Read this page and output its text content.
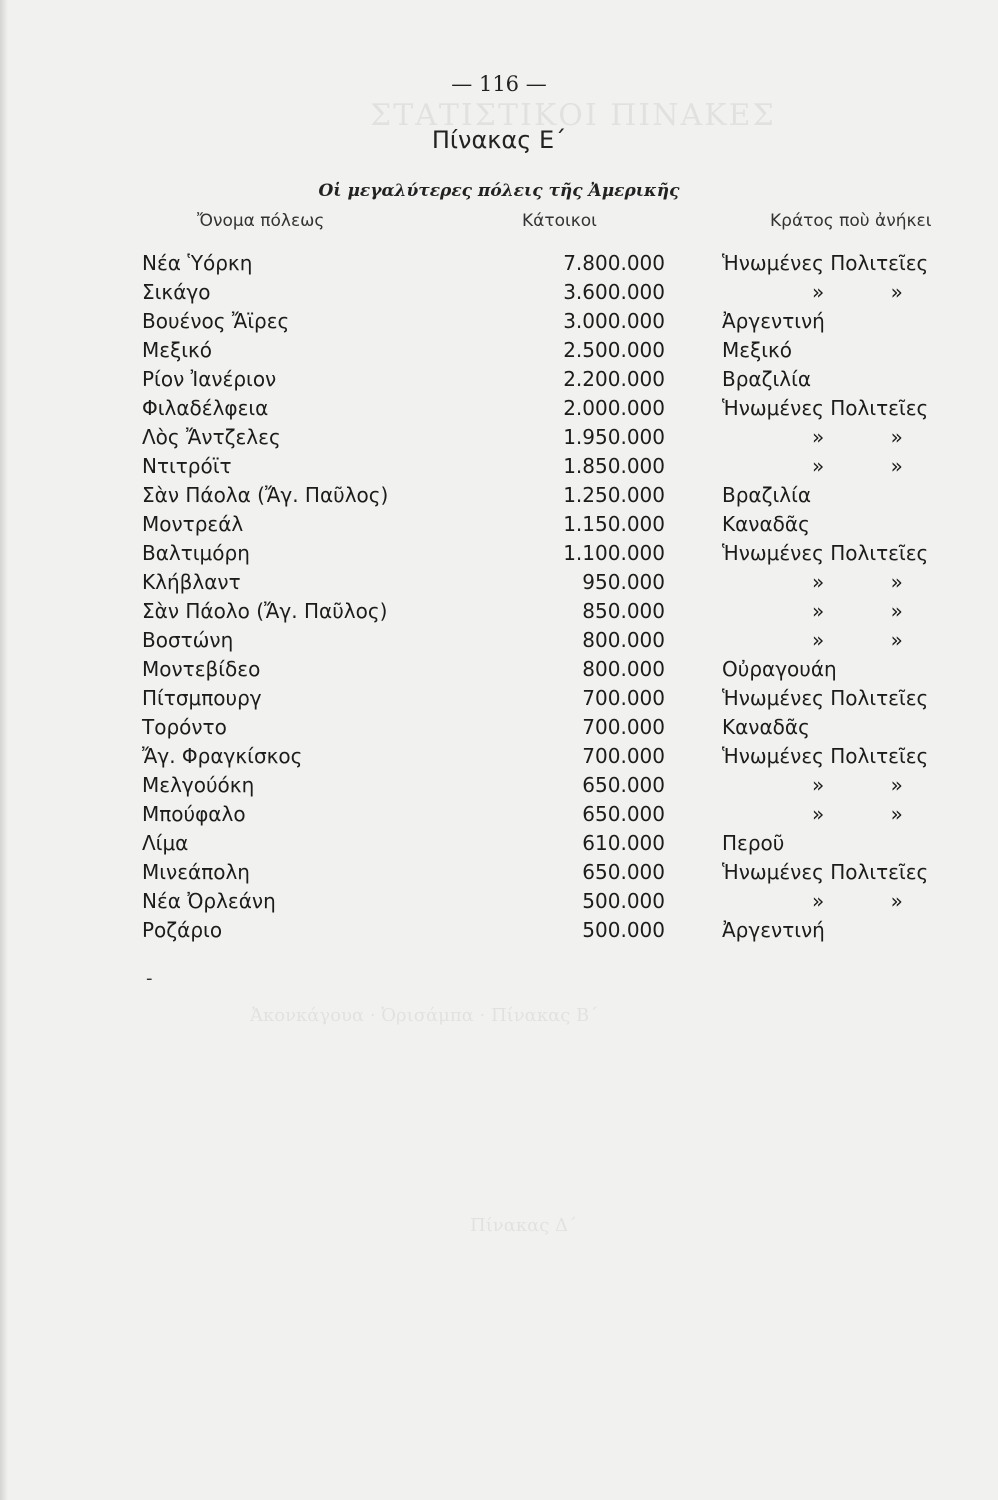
ΣΤΑΤΙΣΤΙΚΟΙ ΠΙΝΑΚΕΣ
Ἀκονκάγουα · Ὀρισάμπα · Πίνακας Β΄
Πίνακας Δ΄
— 116 —
Πίνακας Ε΄
Οἱ μεγαλύτερες πόλεις τῆς Ἀμερικῆς
Ὄνομα πόλεως	Κάτοικοι	Κράτος ποὺ ἀνήκει
Νέα Ὑόρκη	7.800.000	Ἡνωμένες Πολιτεῖες
Σικάγο	3.600.000	» »
Βουένος Ἄϊρες	3.000.000	Ἀργεντινή
Μεξικό	2.500.000	Μεξικό
Ρίον Ἰανέριον	2.200.000	Βραζιλία
Φιλαδέλφεια	2.000.000	Ἡνωμένες Πολιτεῖες
Λὸς Ἄντζελες	1.950.000	» »
Ντιτρόϊτ	1.850.000	» »
Σὰν Πάολα (Ἄγ. Παῦλος)	1.250.000	Βραζιλία
Μοντρεάλ	1.150.000	Καναδᾶς
Βαλτιμόρη	1.100.000	Ἡνωμένες Πολιτεῖες
Κλήβλαντ	950.000	» »
Σὰν Πάολο (Ἄγ. Παῦλος)	850.000	» »
Βοστώνη	800.000	» »
Μοντεβίδεο	800.000	Οὐραγουάη
Πίτσμπουργ	700.000	Ἡνωμένες Πολιτεῖες
Τορόντο	700.000	Καναδᾶς
Ἄγ. Φραγκίσκος	700.000	Ἡνωμένες Πολιτεῖες
Μελγούόκη	650.000	» »
Μπούφαλο	650.000	» »
Λίμα	610.000	Περοῦ
Μινεάπολη	650.000	Ἡνωμένες Πολιτεῖες
Νέα Ὀρλεάνη	500.000	» »
Ροζάριο	500.000	Ἀργεντινή
-
